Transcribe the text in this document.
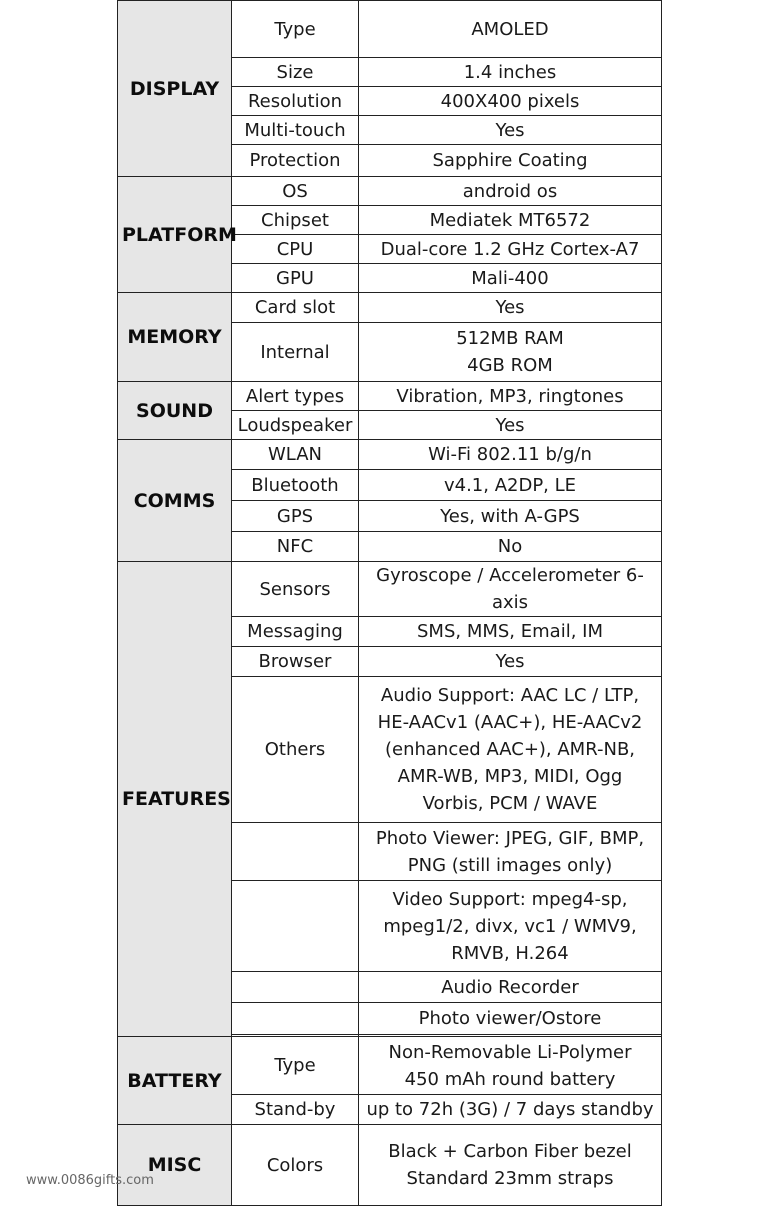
DISPLAY	Type	AMOLED
	Size	1.4 inches
	Resolution	400X400 pixels
	Multi-touch	Yes
	Protection	Sapphire Coating
PLATFORM	OS	android os
	Chipset	Mediatek MT6572
	CPU	Dual-core 1.2 GHz Cortex-A7
	GPU	Mali-400
MEMORY	Card slot	Yes
	Internal	512MB RAM
4GB ROM

SOUND	Alert types	Vibration, MP3, ringtones
	Loudspeaker	Yes
COMMS	WLAN	Wi-Fi 802.11 b/g/n
	Bluetooth	v4.1, A2DP, LE
	GPS	Yes, with A-GPS
	NFC	No
FEATURES	Sensors	Gyroscope / Accelerometer 6-axis
	Messaging	SMS, MMS, Email, IM
	Browser	Yes
	Others	Audio Support: AAC LC / LTP,
HE-AACv1 (AAC+), HE-AACv2
(enhanced AAC+), AMR-NB,
AMR-WB, MP3, MIDI, Ogg
Vorbis, PCM / WAVE

		Photo Viewer: JPEG, GIF, BMP,
PNG (still images only)

		Video Support: mpeg4-sp,
mpeg1/2, divx, vc1 / WMV9,
RMVB, H.264

		Audio Recorder
		Photo viewer/Ostore

BATTERY	Type	Non-Removable Li-Polymer
450 mAh round battery

	Stand-by	up to 72h (3G) / 7 days standby
MISC	Colors	Black + Carbon Fiber bezel
Standard 23mm straps
www.0086gifts.com
